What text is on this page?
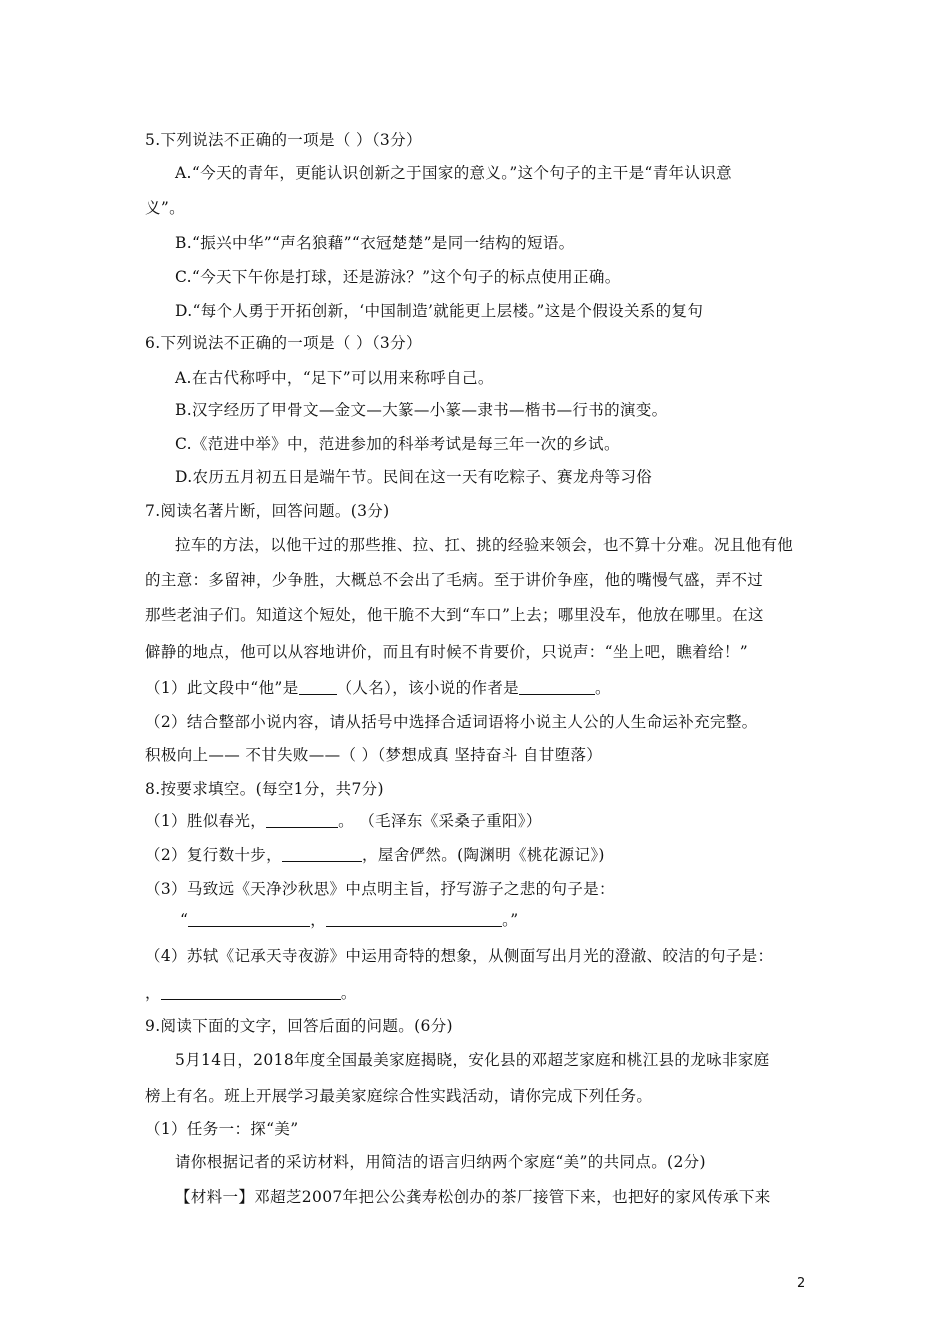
5.下列说法不正确的一项是（ ）（3分）
A.“今天的青年，更能认识创新之于国家的意义。”这个句子的主干是“青年认识意
义”。
B.“振兴中华”“声名狼藉”“衣冠楚楚”是同一结构的短语。
C.“今天下午你是打球，还是游泳？”这个句子的标点使用正确。
D.“每个人勇于开拓创新，‘中国制造’就能更上层楼。”这是个假设关系的复句
6.下列说法不正确的一项是（ ）（3分）
A.在古代称呼中，“足下”可以用来称呼自己。
B.汉字经历了甲骨文—金文—大篆—小篆—隶书—楷书—行书的演变。
C.《范进中举》中，范进参加的科举考试是每三年一次的乡试。
D.农历五月初五日是端午节。民间在这一天有吃粽子、赛龙舟等习俗
7.阅读名著片断，回答问题。(3分)
拉车的方法，以他干过的那些推、拉、扛、挑的经验来领会，也不算十分难。况且他有他
的主意：多留神，少争胜，大概总不会出了毛病。至于讲价争座，他的嘴慢气盛，弄不过
那些老油子们。知道这个短处，他干脆不大到“车口”上去；哪里没车，他放在哪里。在这
僻静的地点，他可以从容地讲价，而且有时候不肯要价，只说声：“坐上吧，瞧着给！”
（1）此文段中“他”是 （人名），该小说的作者是	。
（2）结合整部小说内容，请从括号中选择合适词语将小说主人公的人生命运补充完整。
积极向上—— 不甘失败——（ ）（梦想成真 坚持奋斗 自甘堕落）
8.按要求填空。(每空1分，共7分)
（1）胜似春光，	。 （毛泽东《采桑子重阳》）
（2）复行数十步，	，屋舍俨然。(陶渊明《桃花源记》)
（3）马致远《天净沙秋思》中点明主旨，抒写游子之悲的句子是：
“	，	。”
（4）苏轼《记承天寺夜游》中运用奇特的想象，从侧面写出月光的澄澈、皎洁的句子是：
，	。
9.阅读下面的文字，回答后面的问题。(6分)
5月14日，2018年度全国最美家庭揭晓，安化县的邓超芝家庭和桃江县的龙咏非家庭
榜上有名。班上开展学习最美家庭综合性实践活动，请你完成下列任务。
（1）任务一：探“美”
请你根据记者的采访材料，用简洁的语言归纳两个家庭“美”的共同点。(2分)
【材料一】邓超芝2007年把公公龚寿松创办的茶厂接管下来，也把好的家风传承下来
2
